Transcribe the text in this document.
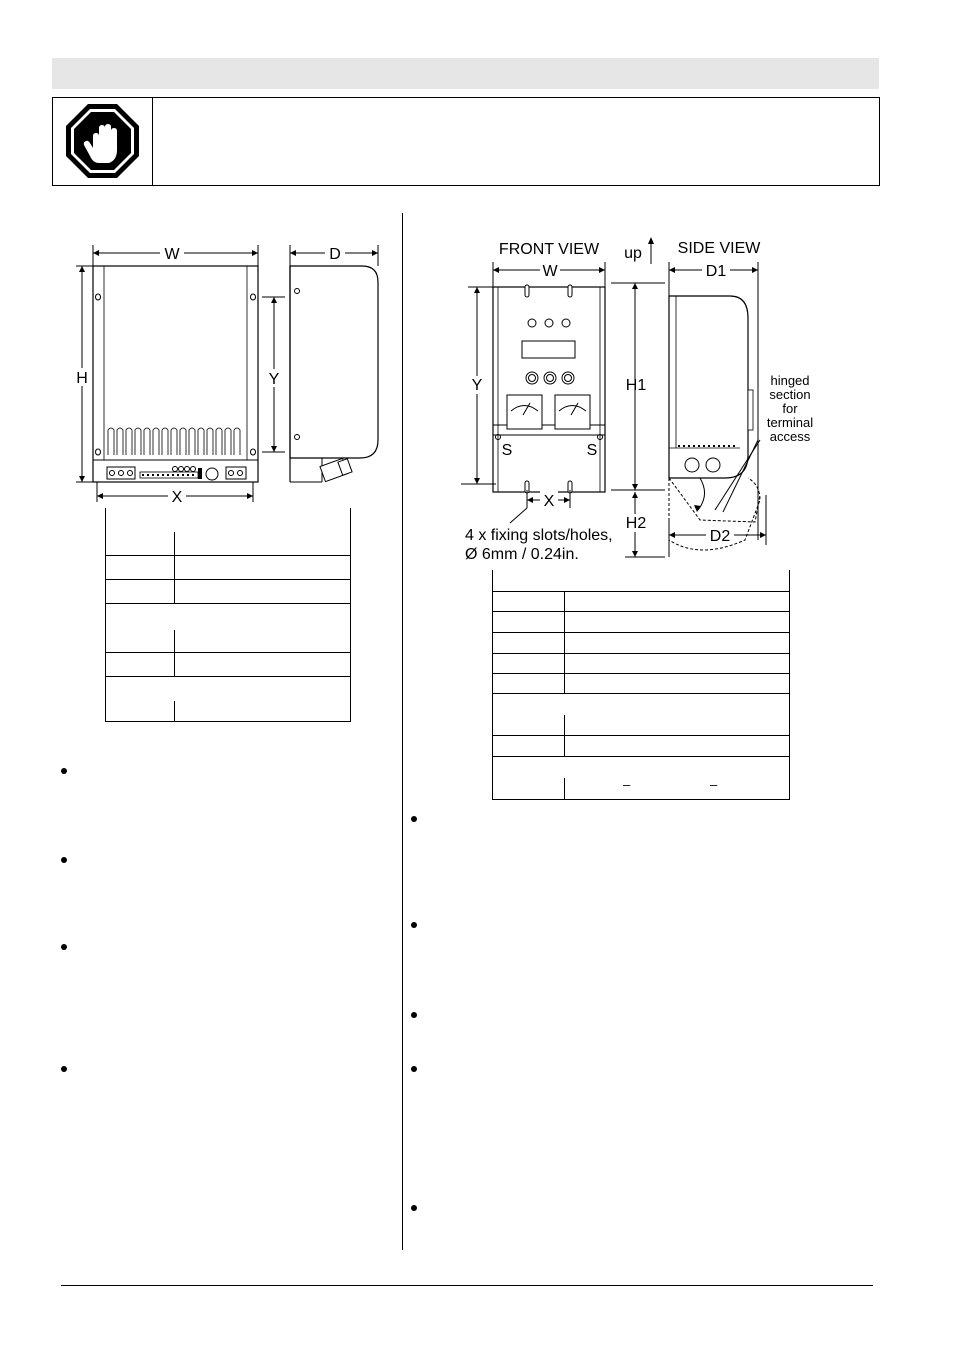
W	D
H
X
Y
FRONT VIEW up SIDE VIEW
W	D1
S	S
Y
X
H1
H2
D2
hinged
section
for
terminal
access
4 x fixing slots/holes,
Ø 6mm / 0.24in.
–	–
